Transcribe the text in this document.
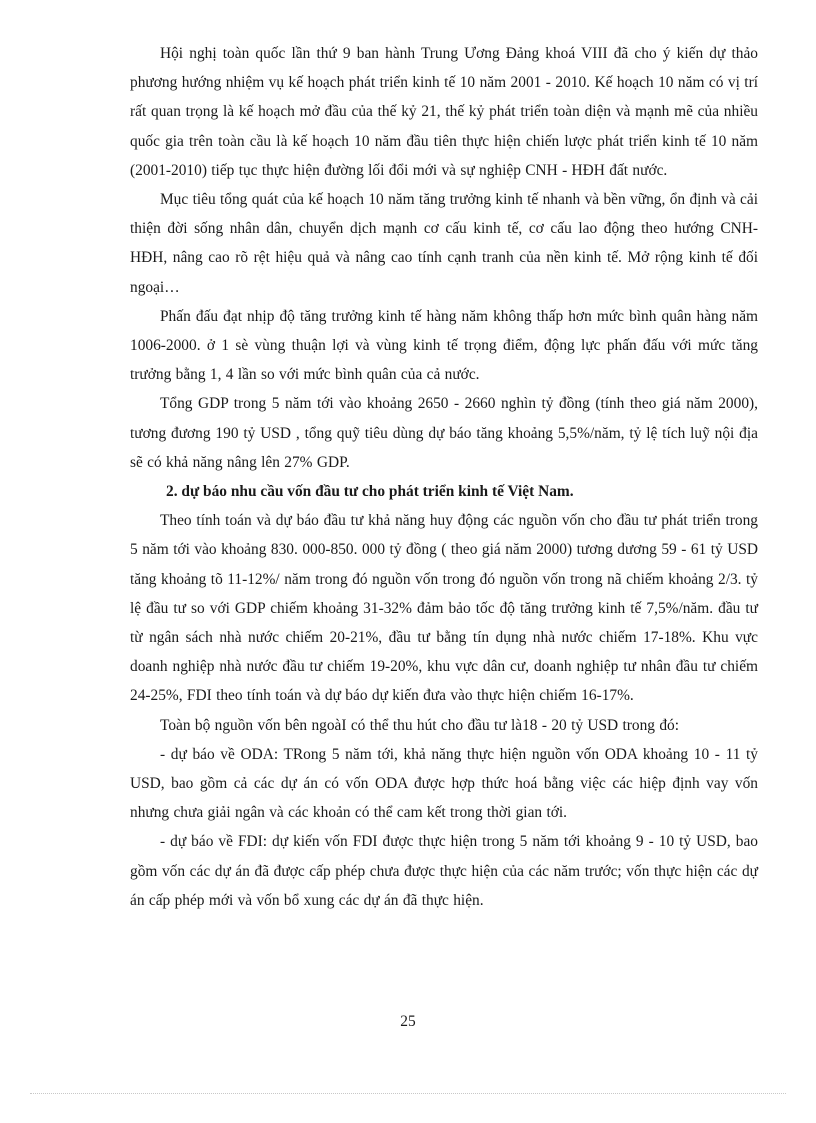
Hội nghị toàn quốc lần thứ 9 ban hành Trung Ương Đảng khoá VIII đã cho ý kiến dự thảo phương hướng nhiệm vụ kế hoạch phát triển kinh tế 10 năm 2001 - 2010. Kế hoạch 10 năm có vị trí rất quan trọng là kế hoạch mở đầu của thế kỷ 21, thế kỷ phát triển toàn diện và mạnh mẽ của nhiều quốc gia trên toàn cầu là kế hoạch 10 năm đầu tiên thực hiện chiến lược phát triển kinh tế 10 năm (2001-2010) tiếp tục thực hiện đường lối đổi mới và sự nghiệp CNH - HĐH đất nước.

Mục tiêu tổng quát của kế hoạch 10 năm tăng trưởng kinh tế nhanh và bền vững, ổn định và cải thiện đời sống nhân dân, chuyển dịch mạnh cơ cấu kinh tế, cơ cấu lao động theo hướng CNH- HĐH, nâng cao rõ rệt hiệu quả và nâng cao tính cạnh tranh của nền kinh tế. Mở rộng kinh tế đối ngoại…

Phấn đấu đạt nhịp độ tăng trưởng kinh tế hàng năm không thấp hơn mức bình quân hàng năm 1006-2000. ở 1 sè vùng thuận lợi và vùng kinh tế trọng điểm, động lực phấn đấu với mức tăng trưởng bằng 1, 4 lần so với mức bình quân của cả nước.

Tổng GDP trong 5 năm tới vào khoảng 2650 - 2660 nghìn tỷ đồng (tính theo giá năm 2000), tương đương 190 tỷ USD , tổng quỹ tiêu dùng dự báo tăng khoảng 5,5%/năm, tỷ lệ tích luỹ nội địa sẽ có khả năng nâng lên 27% GDP.

2. dự báo nhu cầu vốn đầu tư cho phát triển kinh tế Việt Nam.

Theo tính toán và dự báo đầu tư khả năng huy động các nguồn vốn cho đầu tư phát triển trong 5 năm tới vào khoảng 830. 000-850. 000 tỷ đồng ( theo giá năm 2000) tương dương 59 - 61 tỷ USD tăng khoảng tõ 11-12%/ năm trong đó nguồn vốn trong đó nguồn vốn trong nã chiếm khoảng 2/3. tỷ lệ đầu tư so với GDP chiếm khoảng 31-32% đảm bảo tốc độ tăng trưởng kinh tế 7,5%/năm. đầu tư từ ngân sách nhà nước chiếm 20-21%, đầu tư bằng tín dụng nhà nước chiếm 17-18%. Khu vực doanh nghiệp nhà nước đầu tư chiếm 19-20%, khu vực dân cư, doanh nghiệp tư nhân đầu tư chiếm 24-25%, FDI theo tính toán và dự báo dự kiến đưa vào thực hiện chiếm 16-17%.

Toàn bộ nguồn vốn bên ngoàI có thể thu hút cho đầu tư là18 - 20 tỷ USD trong đó:

- dự báo về ODA: TRong 5 năm tới, khả năng thực hiện nguồn vốn ODA khoảng 10 - 11 tỷ USD, bao gồm cả các dự án có vốn ODA được hợp thức hoá bằng việc các hiệp định vay vốn nhưng chưa giải ngân và các khoản có thể cam kết trong thời gian tới.

- dự báo về FDI: dự kiến vốn FDI được thực hiện trong 5 năm tới khoảng 9 - 10 tỷ USD, bao gồm vốn các dự án đã được cấp phép chưa được thực hiện của các năm trước; vốn thực hiện các dự án cấp phép mới và vốn bổ xung các dự án đã thực hiện.

25
